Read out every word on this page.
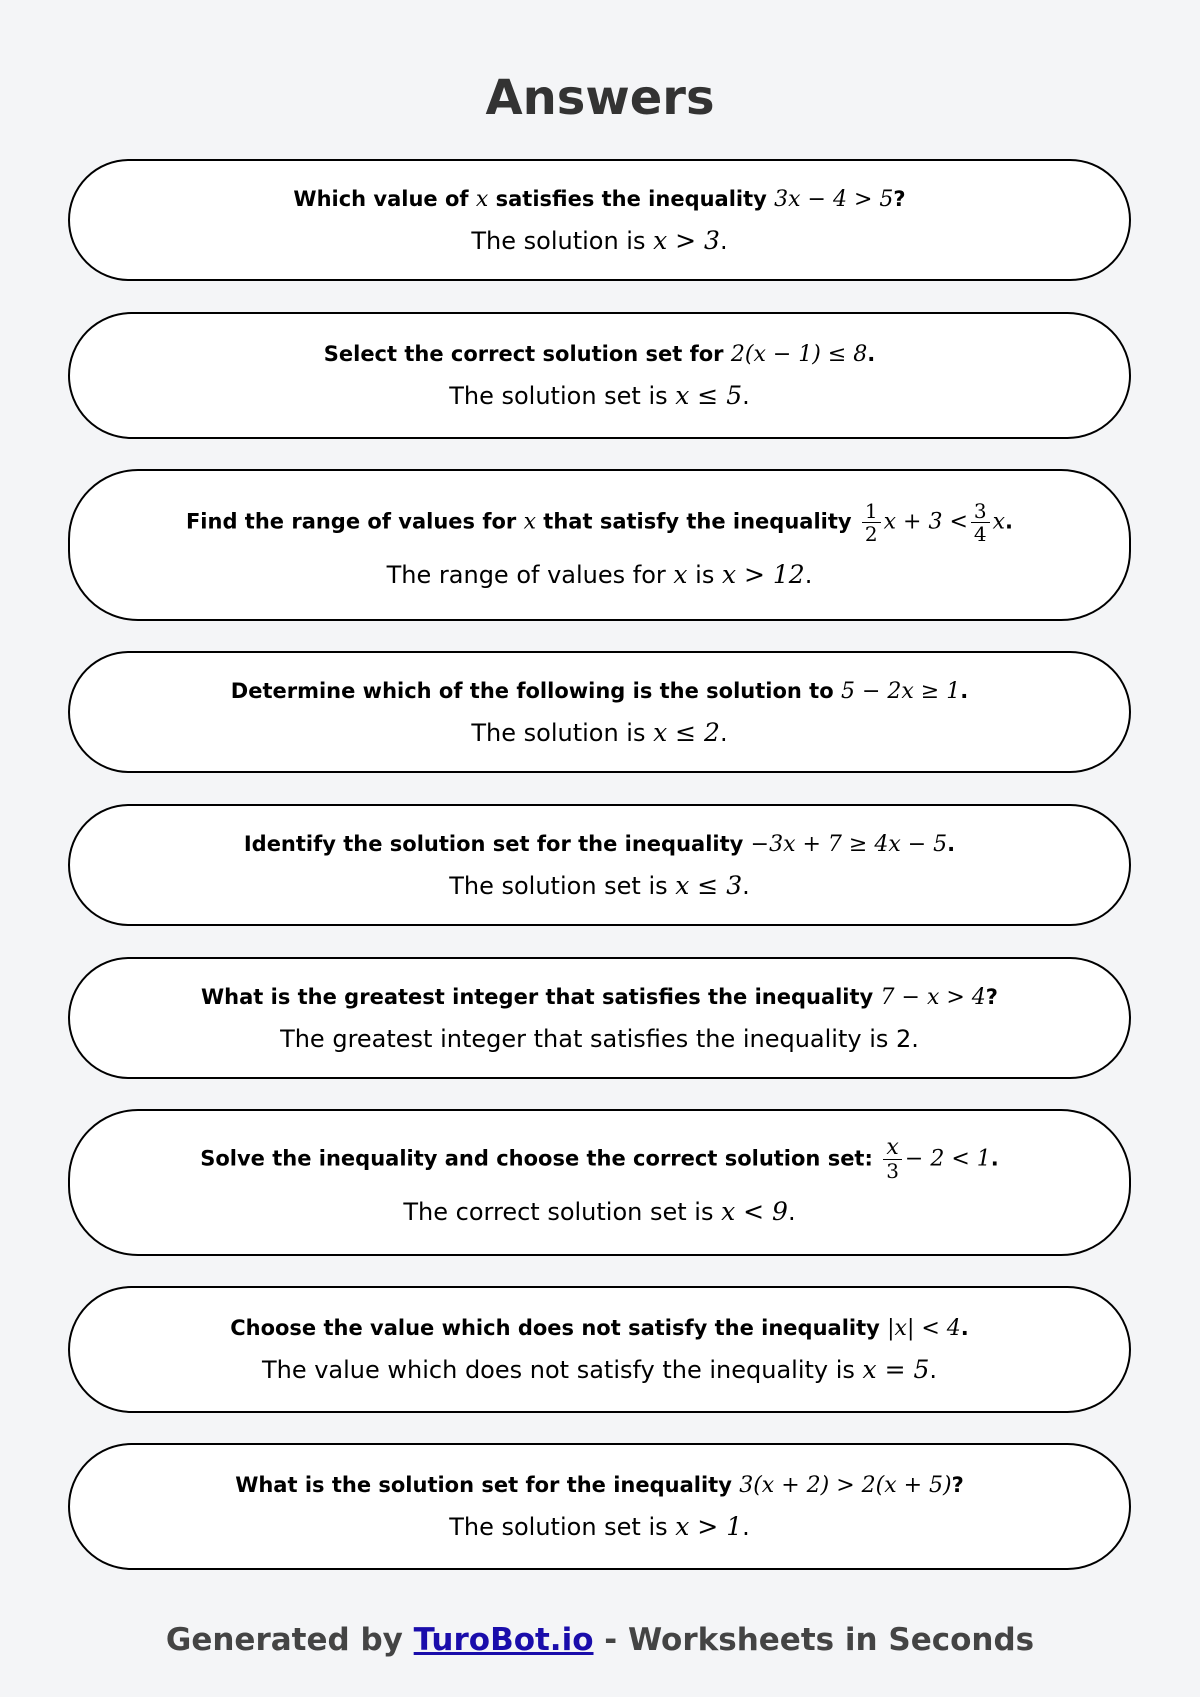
Answers
Which value of x satisfies the inequality 3x − 4 > 5?
The solution is x > 3.
Select the correct solution set for 2(x − 1) ≤ 8.
The solution set is x ≤ 5.
Find the range of values for x that satisfy the inequality $\frac{1}{2}$ $x + 3 < \frac{3}{4} x$.
The range of values for x is x > 12.
Determine which of the following is the solution to 5 − 2x ≥ 1.
The solution is x ≤ 2.
Identify the solution set for the inequality −3x + 7 ≥ 4x − 5.
The solution set is x ≤ 3.
What is the greatest integer that satisfies the inequality 7 − x > 4?
The greatest integer that satisfies the inequality is 2.
Solve the inequality and choose the correct solution set: $\frac{x}{3} - 2 < 1$.
The correct solution set is x < 9.
Choose the value which does not satisfy the inequality |x| < 4.
The value which does not satisfy the inequality is x = 5.
What is the solution set for the inequality 3(x + 2) > 2(x + 5)?
The solution set is x > 1.
Generated by TuroBot.io - Worksheets in Seconds
